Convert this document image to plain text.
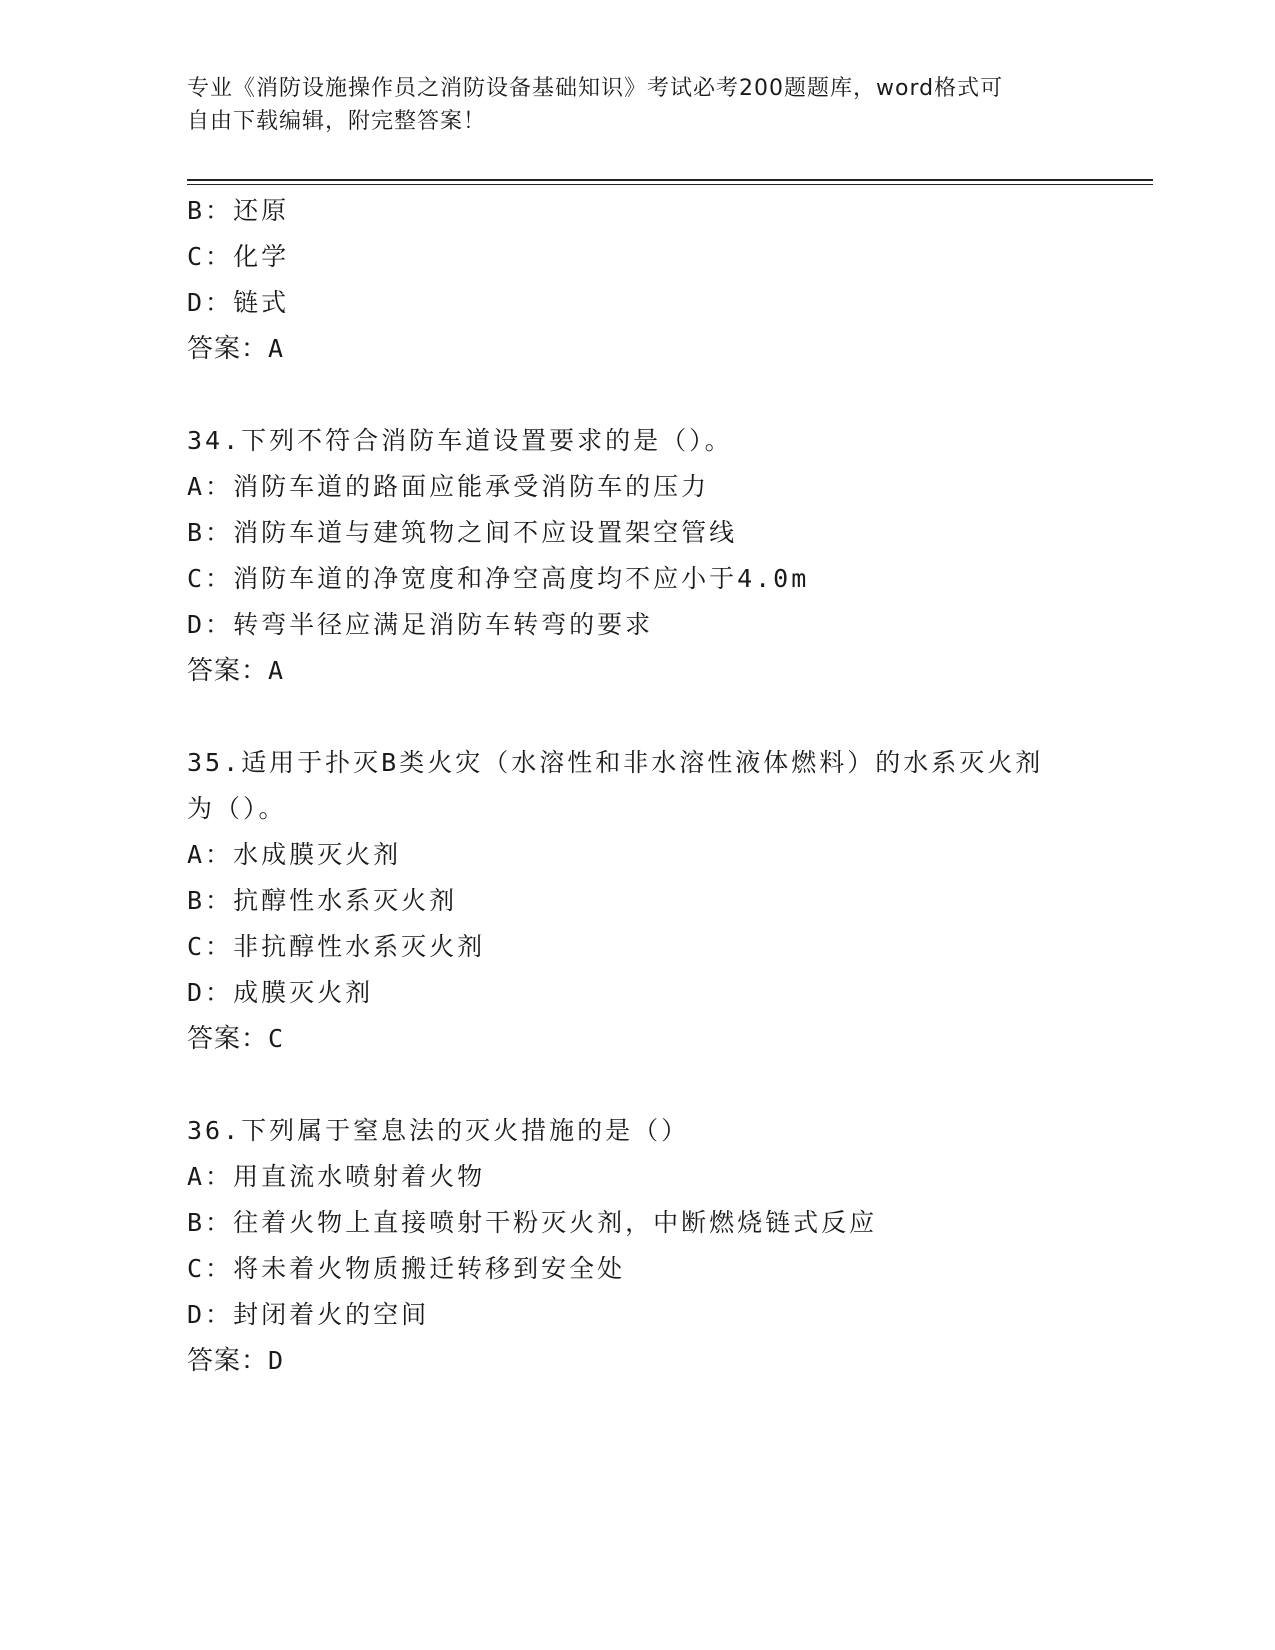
专业《消防设施操作员之消防设备基础知识》考试必考200题题库，word格式可
自由下载编辑，附完整答案！
B：还原
C：化学
D：链式
答案：A
34.下列不符合消防车道设置要求的是（）。
A：消防车道的路面应能承受消防车的压力
B：消防车道与建筑物之间不应设置架空管线
C：消防车道的净宽度和净空高度均不应小于4.0m
D：转弯半径应满足消防车转弯的要求
答案：A
35.适用于扑灭B类火灾（水溶性和非水溶性液体燃料）的水系灭火剂
为（）。
A：水成膜灭火剂
B：抗醇性水系灭火剂
C：非抗醇性水系灭火剂
D：成膜灭火剂
答案：C
36.下列属于窒息法的灭火措施的是（）
A：用直流水喷射着火物
B：往着火物上直接喷射干粉灭火剂，中断燃烧链式反应
C：将未着火物质搬迁转移到安全处
D：封闭着火的空间
答案：D
